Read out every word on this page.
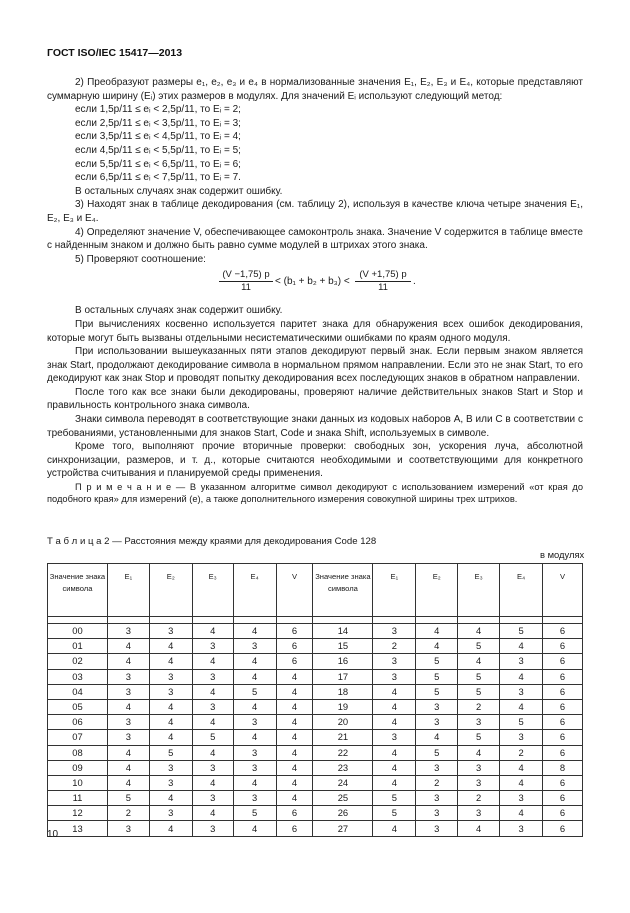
ГОСТ ISO/IEC 15417—2013

2) Преобразуют размеры e₁, e₂, e₃ и e₄ в нормализованные значения E₁, E₂, E₃ и E₄, которые представляют суммарную ширину (Eᵢ) этих размеров в модулях. Для значений Eᵢ используют следующий метод:

если 1,5p/11 ≤ eᵢ < 2,5p/11, то Eᵢ = 2;

если 2,5p/11 ≤ eᵢ < 3,5p/11, то Eᵢ = 3;

если 3,5p/11 ≤ eᵢ < 4,5p/11, то Eᵢ = 4;

если 4,5p/11 ≤ eᵢ < 5,5p/11, то Eᵢ = 5;

если 5,5p/11 ≤ eᵢ < 6,5p/11, то Eᵢ = 6;

если 6,5p/11 ≤ eᵢ < 7,5p/11, то Eᵢ = 7.

В остальных случаях знак содержит ошибку.

3) Находят знак в таблице декодирования (см. таблицу 2), используя в качестве ключа четыре значения E₁, E₂, E₃ и E₄.

4) Определяют значение V, обеспечивающее самоконтроль знака. Значение V содержится в таблице вместе с найденным знаком и должно быть равно сумме модулей в штрихах этого знака.

5) Проверяют соотношение:

$\frac{(V -1,75) p}{11} < (b_1 + b_2 + b_3) < \frac{(V +1,75) p}{11}$ .

В остальных случаях знак содержит ошибку.

При вычислениях косвенно используется паритет знака для обнаружения всех ошибок декодирования, которые могут быть вызваны отдельными несистематическими ошибками по краям одного модуля.

При использовании вышеуказанных пяти этапов декодируют первый знак. Если первым знаком является знак Start, продолжают декодирование символа в нормальном прямом направлении. Если это не знак Start, то его декодируют как знак Stop и проводят попытку декодирования всех последующих знаков в обратном направлении.

После того как все знаки были декодированы, проверяют наличие действительных знаков Start и Stop и правильность контрольного знака символа.

Знаки символа переводят в соответствующие знаки данных из кодовых наборов A, B или C в соответствии с требованиями, установленными для знаков Start, Code и знака Shift, используемых в символе.

Кроме того, выполняют прочие вторичные проверки: свободных зон, ускорения луча, абсолютной синхронизации, размеров, и т. д., которые считаются необходимыми и соответствующими для конкретного устройства считывания и планируемой среды применения.

П р и м е ч а н и е — В указанном алгоритме символ декодируют с использованием измерений «от края до подобного края» для измерений (e), а также дополнительного измерения совокупной ширины трех штрихов.

Т а б л и ц а 2 — Расстояния между краями для декодирования Code 128
в модулях
Значение знака символа	E₁	E₂	E₃	E₄	V	Значение знака символа	E₁	E₂	E₃	E₄	V

00	3	3	4	4	6	14	3	4	4	5	6
01	4	4	3	3	6	15	2	4	5	4	6
02	4	4	4	4	6	16	3	5	4	3	6
03	3	3	3	4	4	17	3	5	5	4	6
04	3	3	4	5	4	18	4	5	5	3	6
05	4	4	3	4	4	19	4	3	2	4	6
06	3	4	4	3	4	20	4	3	3	5	6
07	3	4	5	4	4	21	3	4	5	3	6
08	4	5	4	3	4	22	4	5	4	2	6
09	4	3	3	3	4	23	4	3	3	4	8
10	4	3	4	4	4	24	4	2	3	4	6
11	5	4	3	3	4	25	5	3	2	3	6
12	2	3	4	5	6	26	5	3	3	4	6
13	3	4	3	4	6	27	4	3	4	3	6
10
